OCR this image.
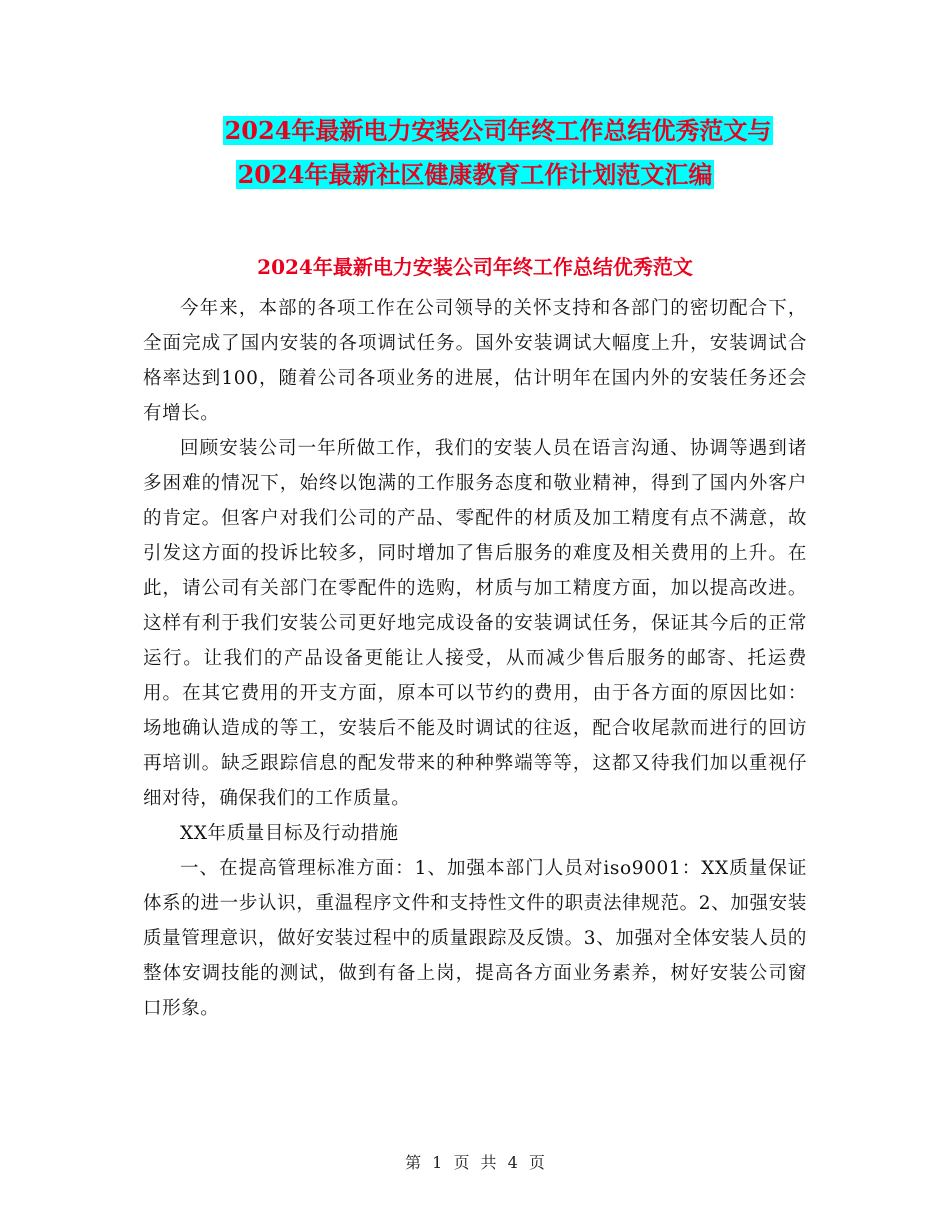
2024年最新电力安装公司年终工作总结优秀范文与
2024年最新社区健康教育工作计划范文汇编
2024年最新电力安装公司年终工作总结优秀范文

今年来，本部的各项工作在公司领导的关怀支持和各部门的密切配合下，全面完成了国内安装的各项调试任务。国外安装调试大幅度上升，安装调试合格率达到100，随着公司各项业务的进展，估计明年在国内外的安装任务还会有增长。

回顾安装公司一年所做工作，我们的安装人员在语言沟通、协调等遇到诸多困难的情况下，始终以饱满的工作服务态度和敬业精神，得到了国内外客户的肯定。但客户对我们公司的产品、零配件的材质及加工精度有点不满意，故引发这方面的投诉比较多，同时增加了售后服务的难度及相关费用的上升。在此，请公司有关部门在零配件的选购，材质与加工精度方面，加以提高改进。这样有利于我们安装公司更好地完成设备的安装调试任务，保证其今后的正常运行。让我们的产品设备更能让人接受，从而减少售后服务的邮寄、托运费用。在其它费用的开支方面，原本可以节约的费用，由于各方面的原因比如：场地确认造成的等工，安装后不能及时调试的往返，配合收尾款而进行的回访再培训。缺乏跟踪信息的配发带来的种种弊端等等，这都又待我们加以重视仔细对待，确保我们的工作质量。

XX年质量目标及行动措施

一、在提高管理标准方面：1、加强本部门人员对iso9001：XX质量保证体系的进一步认识，重温程序文件和支持性文件的职责法律规范。2、加强安装质量管理意识，做好安装过程中的质量跟踪及反馈。3、加强对全体安装人员的整体安调技能的测试，做到有备上岗，提高各方面业务素养，树好安装公司窗口形象。

第 1 页 共 4 页
